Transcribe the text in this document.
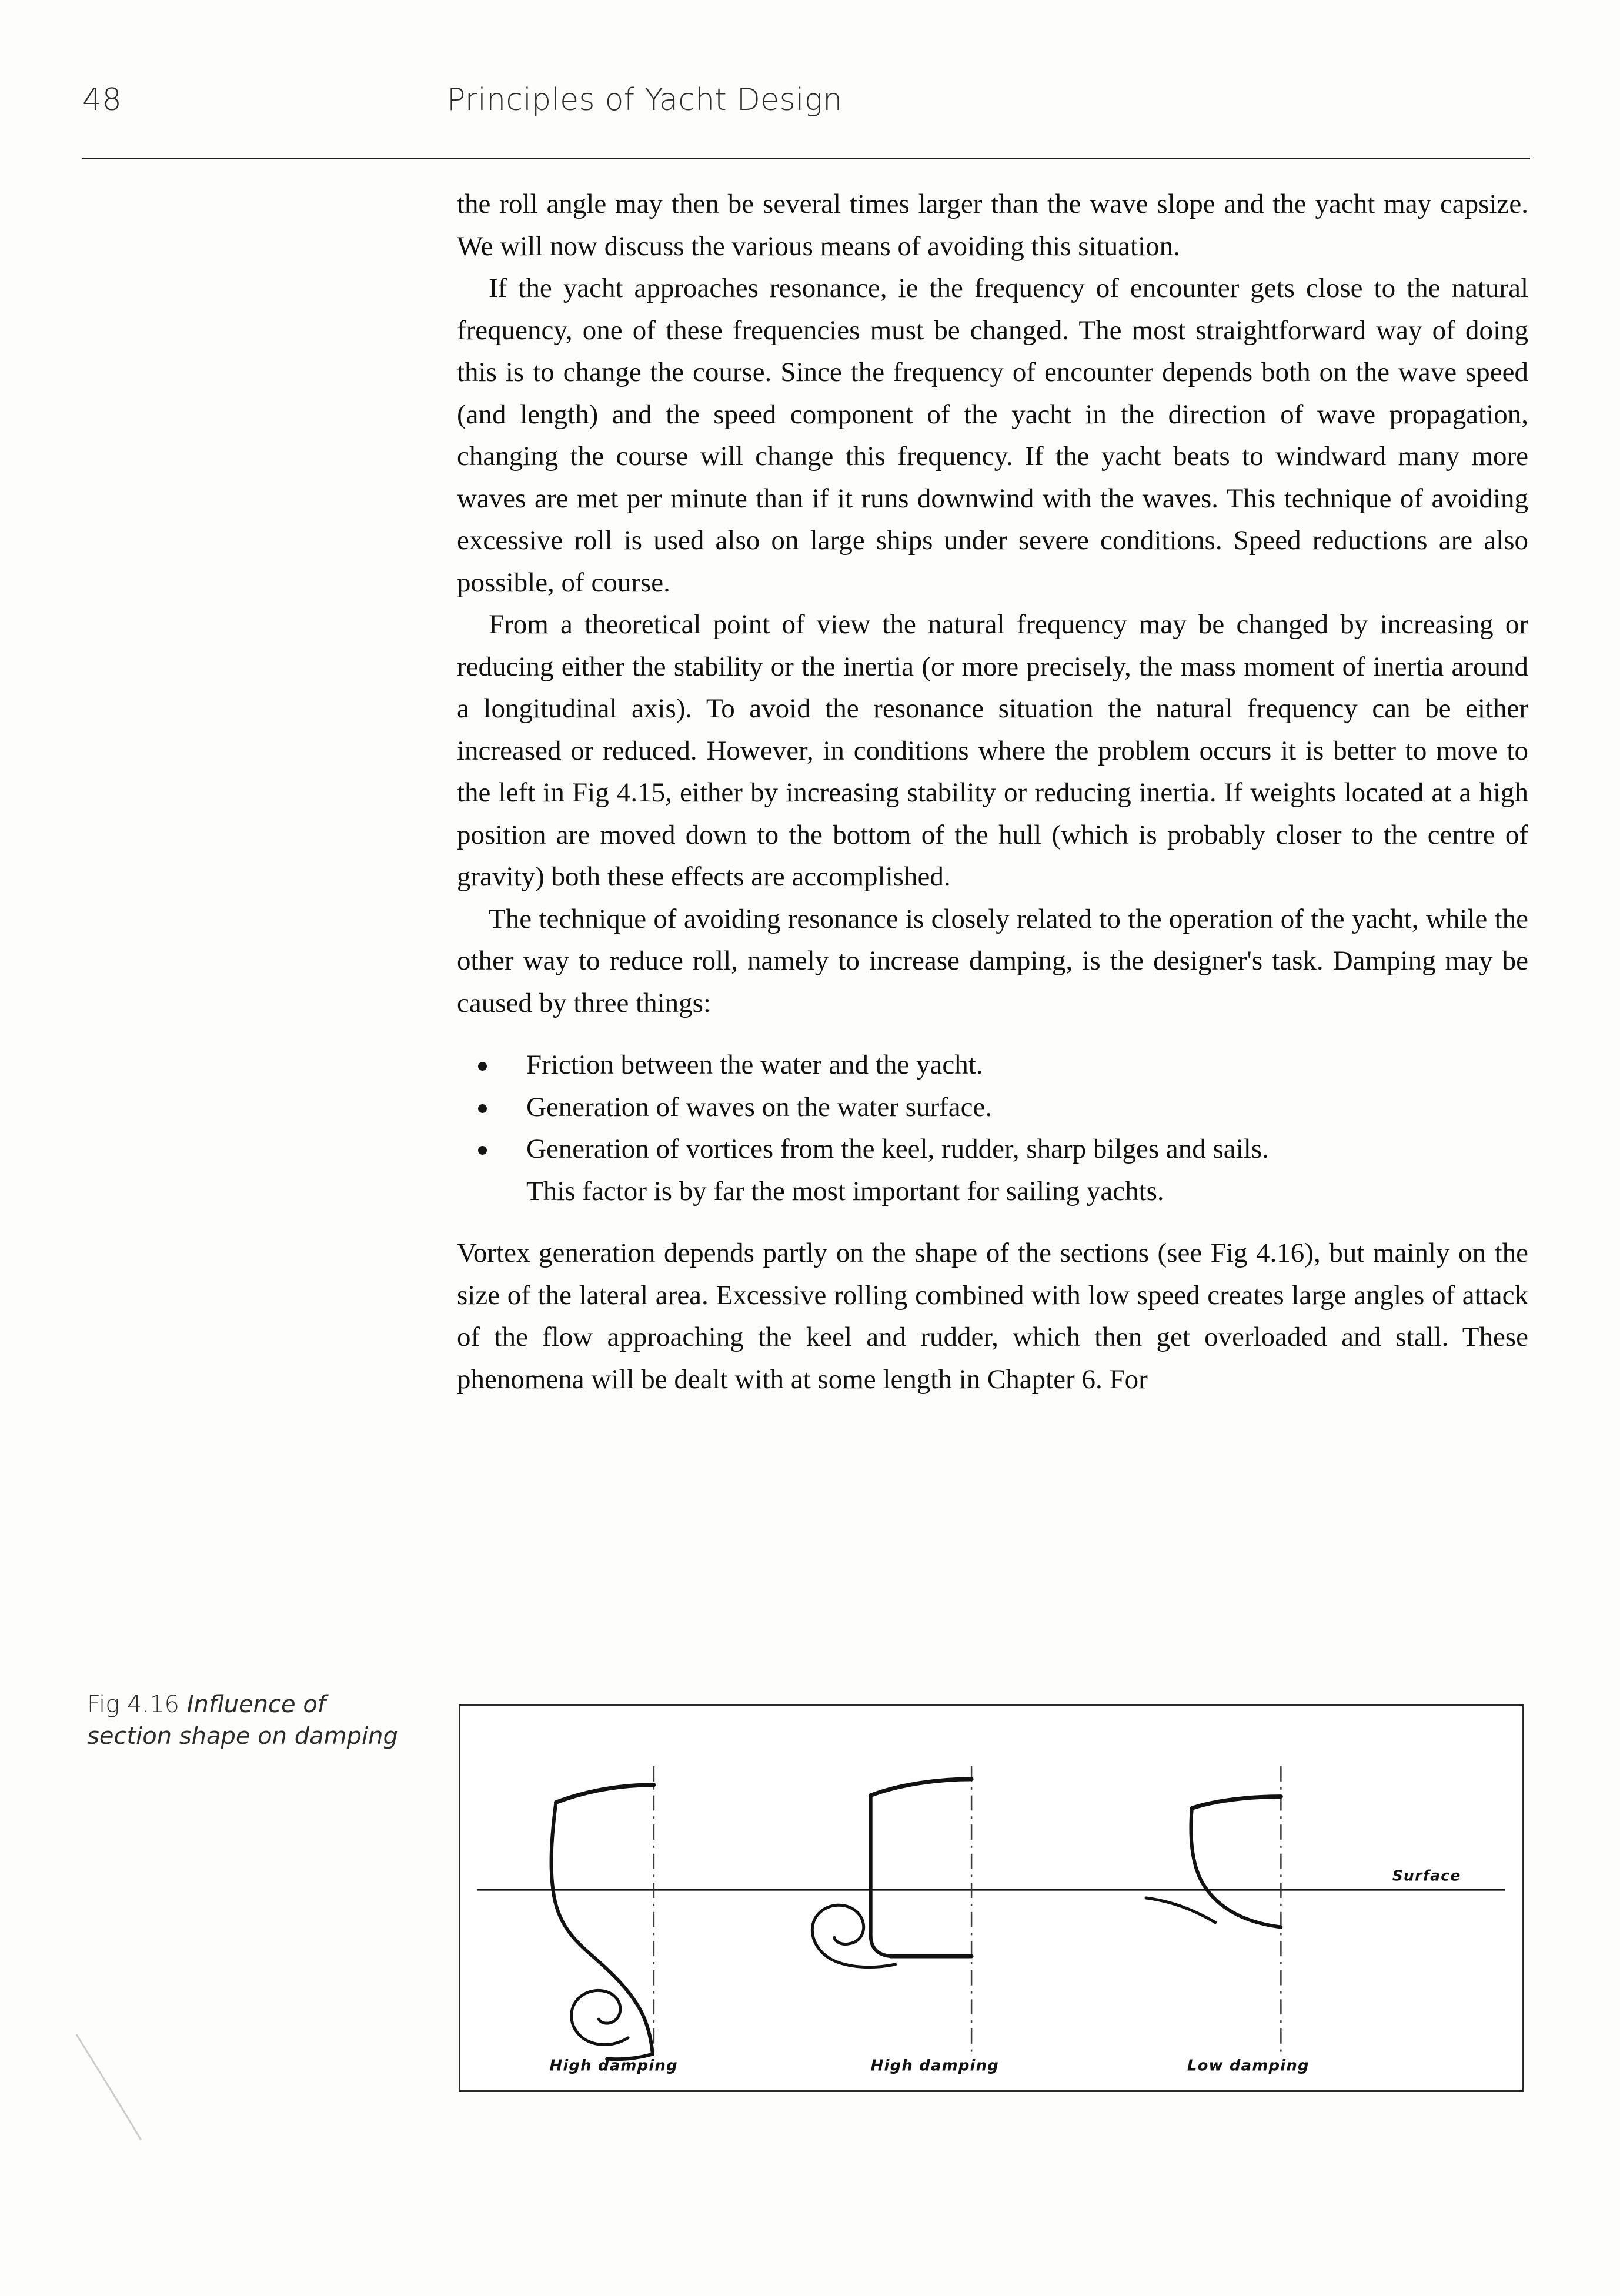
48	Principles of Yacht Design

the roll angle may then be several times larger than the wave slope and the yacht may capsize. We will now discuss the various means of avoiding this situation.

If the yacht approaches resonance, ie the frequency of encounter gets close to the natural frequency, one of these frequencies must be changed. The most straightforward way of doing this is to change the course. Since the frequency of encounter depends both on the wave speed (and length) and the speed component of the yacht in the direction of wave propagation, changing the course will change this frequency. If the yacht beats to windward many more waves are met per minute than if it runs downwind with the waves. This technique of avoiding excessive roll is used also on large ships under severe conditions. Speed reductions are also possible, of course.

From a theoretical point of view the natural frequency may be changed by increasing or reducing either the stability or the inertia (or more precisely, the mass moment of inertia around a longitudinal axis). To avoid the resonance situation the natural frequency can be either increased or reduced. However, in conditions where the problem occurs it is better to move to the left in Fig 4.15, either by increasing stability or reducing inertia. If weights located at a high position are moved down to the bottom of the hull (which is probably closer to the centre of gravity) both these effects are accomplished.

The technique of avoiding resonance is closely related to the operation of the yacht, while the other way to reduce roll, namely to increase damping, is the designer's task. Damping may be caused by three things:

Friction between the water and the yacht.
Generation of waves on the water surface.
Generation of vortices from the keel, rudder, sharp bilges and sails.
This factor is by far the most important for sailing yachts.

Vortex generation depends partly on the shape of the sections (see Fig 4.16), but mainly on the size of the lateral area. Excessive rolling combined with low speed creates large angles of attack of the flow approaching the keel and rudder, which then get overloaded and stall. These phenomena will be dealt with at some length in Chapter 6. For

Fig 4.16 Influence of section shape on damping
Surface
High damping	High damping	Low damping
